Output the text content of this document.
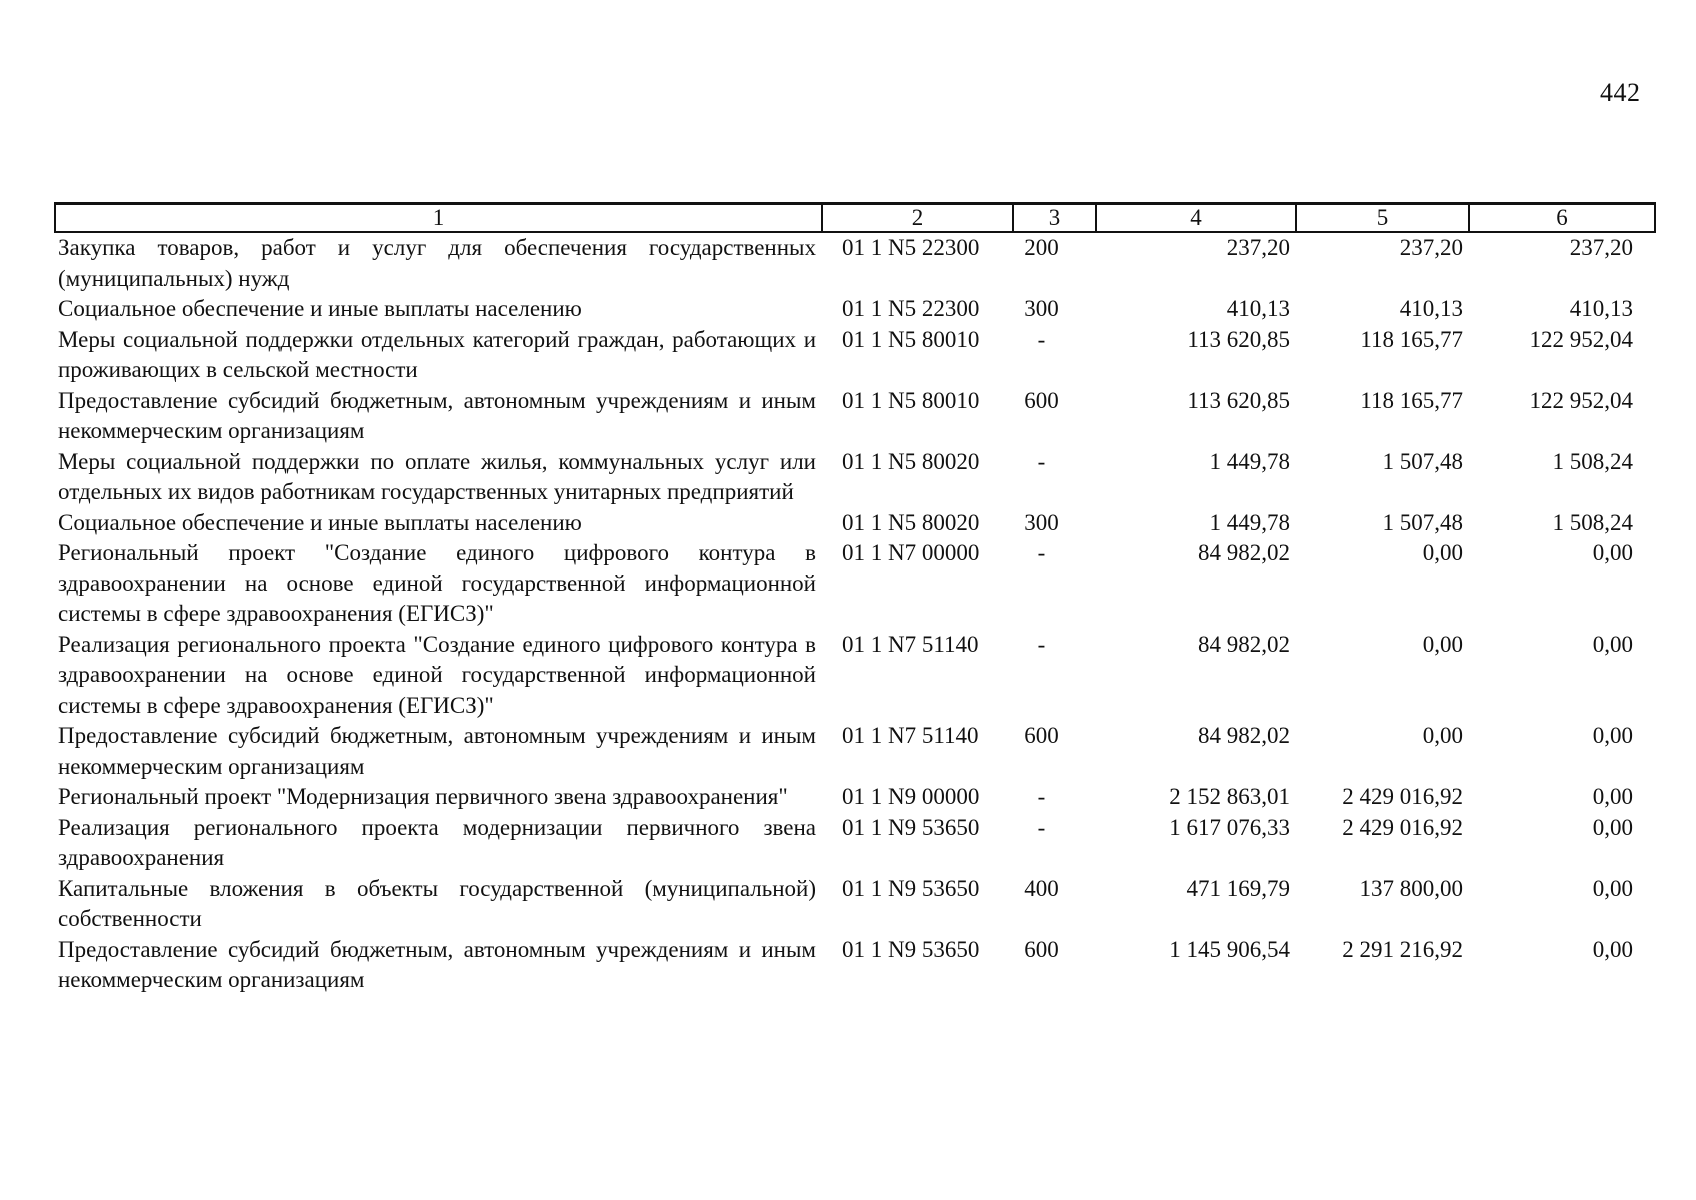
442
1	2	3	4	5	6
Закупка товаров, работ и услуг для обеспечения государственных (муниципальных) нужд	01 1 N5 22300	200	237,20	237,20	237,20
Социальное обеспечение и иные выплаты населению	01 1 N5 22300	300	410,13	410,13	410,13
Меры социальной поддержки отдельных категорий граждан, работающих и проживающих в сельской местности	01 1 N5 80010	-	113 620,85	118 165,77	122 952,04
Предоставление субсидий бюджетным, автономным учреждениям и иным некоммерческим организациям	01 1 N5 80010	600	113 620,85	118 165,77	122 952,04
Меры социальной поддержки по оплате жилья, коммунальных услуг или отдельных их видов работникам государственных унитарных предприятий	01 1 N5 80020	-	1 449,78	1 507,48	1 508,24
Социальное обеспечение и иные выплаты населению	01 1 N5 80020	300	1 449,78	1 507,48	1 508,24
Региональный проект "Создание единого цифрового контура в здравоохранении на основе единой государственной информационной системы в сфере здравоохранения (ЕГИСЗ)"	01 1 N7 00000	-	84 982,02	0,00	0,00
Реализация регионального проекта "Создание единого цифрового контура в здравоохранении на основе единой государственной информационной системы в сфере здравоохранения (ЕГИСЗ)"	01 1 N7 51140	-	84 982,02	0,00	0,00
Предоставление субсидий бюджетным, автономным учреждениям и иным некоммерческим организациям	01 1 N7 51140	600	84 982,02	0,00	0,00
Региональный проект "Модернизация первичного звена здравоохранения"	01 1 N9 00000	-	2 152 863,01	2 429 016,92	0,00
Реализация регионального проекта модернизации первичного звена здравоохранения	01 1 N9 53650	-	1 617 076,33	2 429 016,92	0,00
Капитальные вложения в объекты государственной (муниципальной) собственности	01 1 N9 53650	400	471 169,79	137 800,00	0,00
Предоставление субсидий бюджетным, автономным учреждениям и иным некоммерческим организациям	01 1 N9 53650	600	1 145 906,54	2 291 216,92	0,00
